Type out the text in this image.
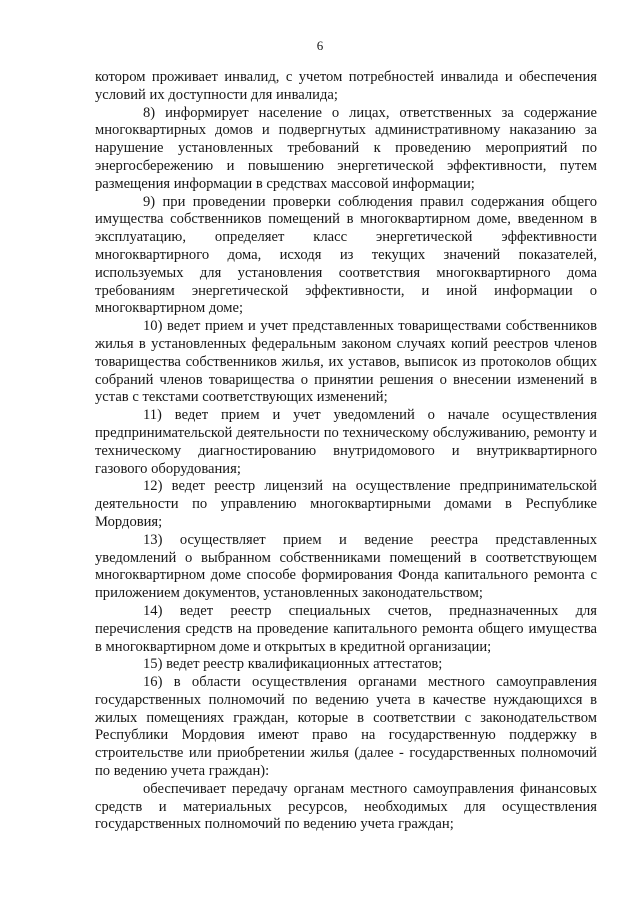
6

котором проживает инвалид, с учетом потребностей инвалида и обеспечения условий их доступности для инвалида;

8) информирует население о лицах, ответственных за содержание многоквартирных домов и подвергнутых административному наказанию за нарушение установленных требований к проведению мероприятий по энергосбережению и повышению энергетической эффективности, путем размещения информации в средствах массовой информации;

9) при проведении проверки соблюдения правил содержания общего имущества собственников помещений в многоквартирном доме, введенном в эксплуатацию, определяет класс энергетической эффективности многоквартирного дома, исходя из текущих значений показателей, используемых для установления соответствия многоквартирного дома требованиям энергетической эффективности, и иной информации о многоквартирном доме;

10) ведет прием и учет представленных товариществами собственников жилья в установленных федеральным законом случаях копий реестров членов товарищества собственников жилья, их уставов, выписок из протоколов общих собраний членов товарищества о принятии решения о внесении изменений в устав с текстами соответствующих изменений;

11) ведет прием и учет уведомлений о начале осуществления предпринимательской деятельности по техническому обслуживанию, ремонту и техническому диагностированию внутридомового и внутриквартирного газового оборудования;

12) ведет реестр лицензий на осуществление предпринимательской деятельности по управлению многоквартирными домами в Республике Мордовия;

13) осуществляет прием и ведение реестра представленных уведомлений о выбранном собственниками помещений в соответствующем многоквартирном доме способе формирования Фонда капитального ремонта с приложением документов, установленных законодательством;

14) ведет реестр специальных счетов, предназначенных для перечисления средств на проведение капитального ремонта общего имущества в многоквартирном доме и открытых в кредитной организации;

15) ведет реестр квалификационных аттестатов;

16) в области осуществления органами местного самоуправления государственных полномочий по ведению учета в качестве нуждающихся в жилых помещениях граждан, которые в соответствии с законодательством Республики Мордовия имеют право на государственную поддержку в строительстве или приобретении жилья (далее - государственных полномочий по ведению учета граждан):

обеспечивает передачу органам местного самоуправления финансовых средств и материальных ресурсов, необходимых для осуществления государственных полномочий по ведению учета граждан;
